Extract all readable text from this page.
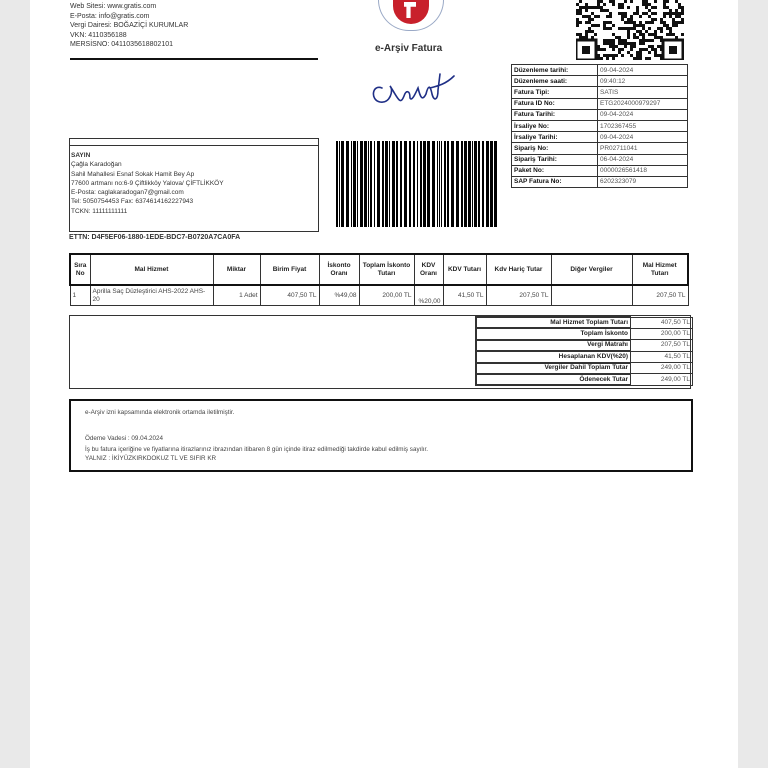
Web Sitesi: www.gratis.com
E-Posta: info@gratis.com
Vergi Dairesi: BOĞAZİÇİ KURUMLAR
VKN: 4110356188
MERSİSNO: 0411035618802101	e-Arşiv Fatura
Düzenleme tarihi:	09-04-2024
Düzenleme saati:	09:40:12
Fatura Tipi:	SATIS
Fatura ID No:	ETG2024000979297
Fatura Tarihi:	09-04-2024
İrsaliye No:	1702367455
İrsaliye Tarihi:	09-04-2024
Sipariş No:	PR02711041
Sipariş Tarihi:	06-04-2024
Paket No:	0000026561418
SAP Fatura No:	6202323079
SAYIN
Çağla Karadoğan
Sahil Mahallesi Esnaf Sokak Hamit Bey Ap
77600 artmanı no:6-9 Çiftlikköy Yalova/ ÇİFTLİKKÖY
E-Posta: caglakaradogan7@gmail.com
Tel: 5050754453 Fax: 6374614162227943
TCKN: 11111111111
ETTN: D4F5EF06-1880-1EDE-BDC7-B0720A7CA0FA
Sıra No	Mal Hizmet	Miktar	Birim Fiyat	İskonto Oranı	Toplam İskonto Tutarı	KDV Oranı	KDV Tutarı	Kdv Hariç Tutar	Diğer Vergiler	Mal Hizmet Tutarı
1	Aprilla Saç Düzleştirici AHS-2022 AHS-20	1 Adet	407,50 TL	%49,08	200,00 TL	%20,00	41,50 TL	207,50 TL		207,50 TL
Mal Hizmet Toplam Tutarı	407,50 TL
Toplam İskonto	200,00 TL
Vergi Matrahı	207,50 TL
Hesaplanan KDV(%20)	41,50 TL
Vergiler Dahil Toplam Tutar	249,00 TL
Ödenecek Tutar	249,00 TL
e-Arşiv izni kapsamında elektronik ortamda iletilmiştir.
Ödeme Vadesi : 09.04.2024
İş bu fatura içeriğine ve fiyatlarına itirazlarınız ibrazından itibaren 8 gün içinde itiraz edilmediği takdirde kabul edilmiş sayılır.
YALNIZ : İKİYÜZKIRKDOKUZ TL VE SIFIR KR
